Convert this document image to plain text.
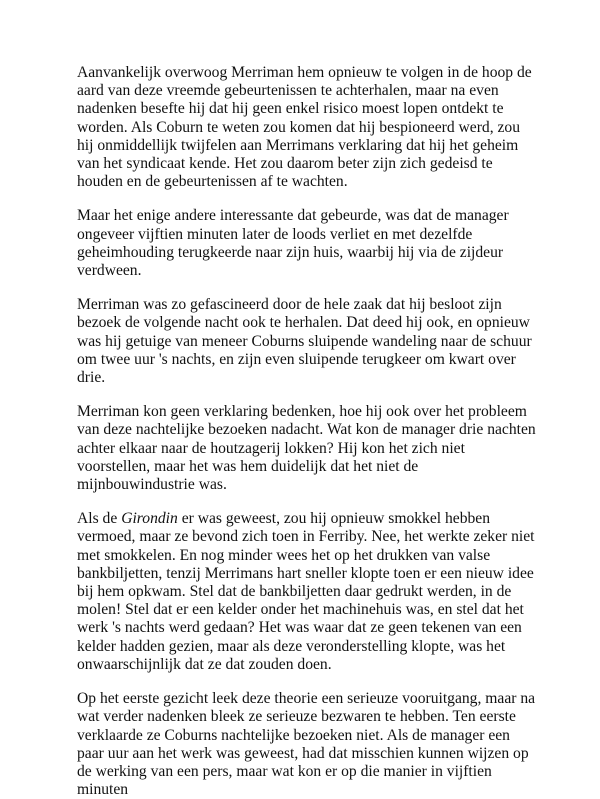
Aanvankelijk overwoog Merriman hem opnieuw te volgen in de hoop de aard van deze vreemde gebeurtenissen te achterhalen, maar na even nadenken besefte hij dat hij geen enkel risico moest lopen ontdekt te worden. Als Coburn te weten zou komen dat hij bespioneerd werd, zou hij onmiddellijk twijfelen aan Merrimans verklaring dat hij het geheim van het syndicaat kende. Het zou daarom beter zijn zich gedeisd te houden en de gebeurtenissen af te wachten.

Maar het enige andere interessante dat gebeurde, was dat de manager ongeveer vijftien minuten later de loods verliet en met dezelfde geheimhouding terugkeerde naar zijn huis, waarbij hij via de zijdeur verdween.

Merriman was zo gefascineerd door de hele zaak dat hij besloot zijn bezoek de volgende nacht ook te herhalen. Dat deed hij ook, en opnieuw was hij getuige van meneer Coburns sluipende wandeling naar de schuur om twee uur 's nachts, en zijn even sluipende terugkeer om kwart over drie.

Merriman kon geen verklaring bedenken, hoe hij ook over het probleem van deze nachtelijke bezoeken nadacht. Wat kon de manager drie nachten achter elkaar naar de houtzagerij lokken? Hij kon het zich niet voorstellen, maar het was hem duidelijk dat het niet de mijnbouwindustrie was.

Als de Girondin er was geweest, zou hij opnieuw smokkel hebben vermoed, maar ze bevond zich toen in Ferriby. Nee, het werkte zeker niet met smokkelen. En nog minder wees het op het drukken van valse bankbiljetten, tenzij Merrimans hart sneller klopte toen er een nieuw idee bij hem opkwam. Stel dat de bankbiljetten daar gedrukt werden, in de molen! Stel dat er een kelder onder het machinehuis was, en stel dat het werk 's nachts werd gedaan? Het was waar dat ze geen tekenen van een kelder hadden gezien, maar als deze veronderstelling klopte, was het onwaarschijnlijk dat ze dat zouden doen.

Op het eerste gezicht leek deze theorie een serieuze vooruitgang, maar na wat verder nadenken bleek ze serieuze bezwaren te hebben. Ten eerste verklaarde ze Coburns nachtelijke bezoeken niet. Als de manager een paar uur aan het werk was geweest, had dat misschien kunnen wijzen op de werking van een pers, maar wat kon er op die manier in vijftien minuten
